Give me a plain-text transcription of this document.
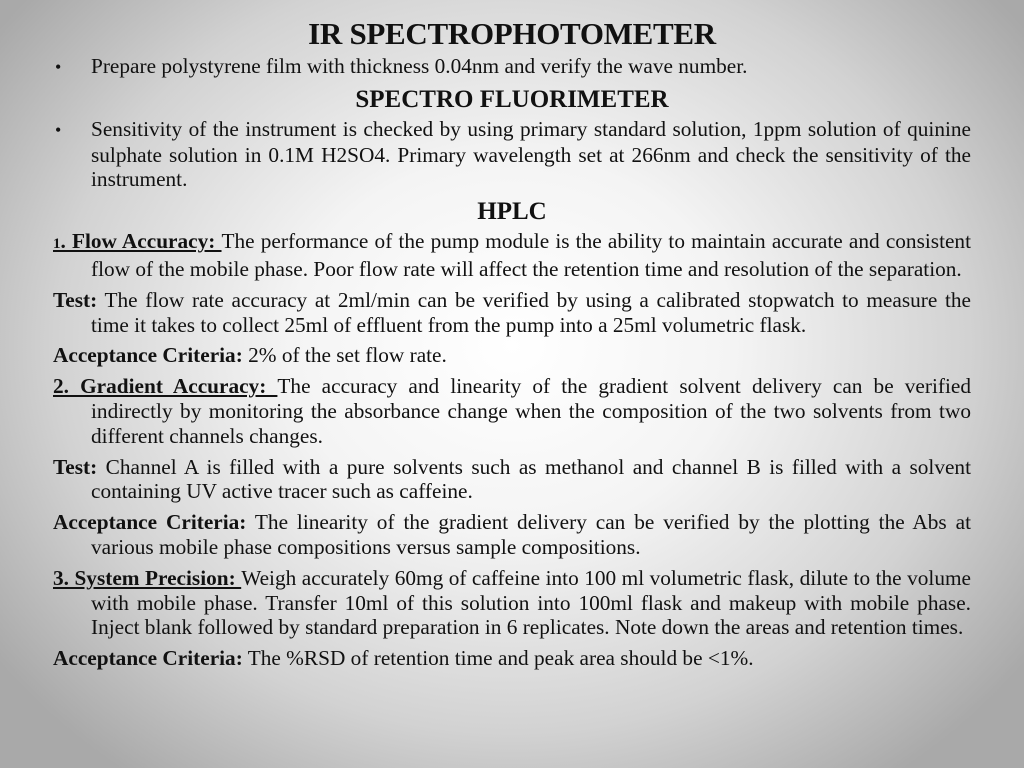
IR SPECTROPHOTOMETER
• Prepare polystyrene film with thickness 0.04nm and verify the wave number.
SPECTRO FLUORIMETER
• Sensitivity of the instrument is checked by using primary standard solution, 1ppm solution of quinine sulphate solution in 0.1M H2SO4. Primary wavelength set at 266nm and check the sensitivity of the instrument.
HPLC
1. Flow Accuracy: The performance of the pump module is the ability to maintain accurate and consistent flow of the mobile phase. Poor flow rate will affect the retention time and resolution of the separation.
Test: The flow rate accuracy at 2ml/min can be verified by using a calibrated stopwatch to measure the time it takes to collect 25ml of effluent from the pump into a 25ml volumetric flask.
Acceptance Criteria: 2% of the set flow rate.
2. Gradient Accuracy: The accuracy and linearity of the gradient solvent delivery can be verified indirectly by monitoring the absorbance change when the composition of the two solvents from two different channels changes.
Test: Channel A is filled with a pure solvents such as methanol and channel B is filled with a solvent containing UV active tracer such as caffeine.
Acceptance Criteria: The linearity of the gradient delivery can be verified by the plotting the Abs at various mobile phase compositions versus sample compositions.
3. System Precision: Weigh accurately 60mg of caffeine into 100 ml volumetric flask, dilute to the volume with mobile phase. Transfer 10ml of this solution into 100ml flask and makeup with mobile phase. Inject blank followed by standard preparation in 6 replicates. Note down the areas and retention times.
Acceptance Criteria: The %RSD of retention time and peak area should be <1%.
